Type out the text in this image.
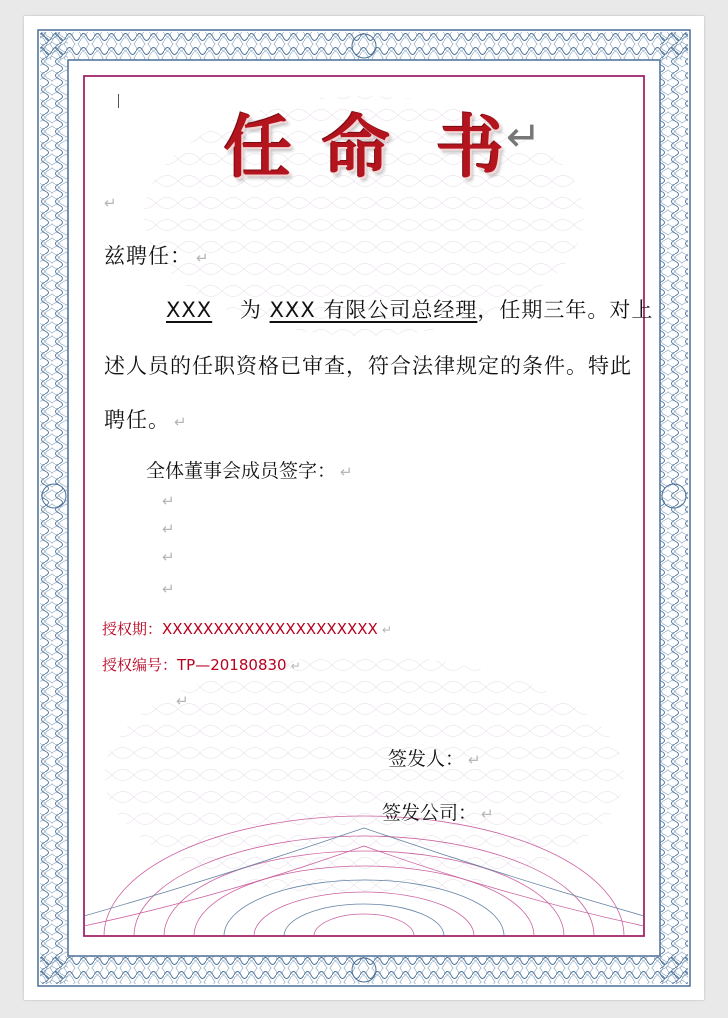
任 命 书 ↵
↵
兹聘任： ↵
XXX 为 XXX 有限公司总经理，任期三年。对上
述人员的任职资格已审查，符合法律规定的条件。特此
聘任。 ↵
全体董事会成员签字： ↵
↵
↵
↵
↵
授权期：XXXXXXXXXXXXXXXXXXXXX ↵
授权编号：TP—20180830 ↵
↵
签发人： ↵
签发公司： ↵
